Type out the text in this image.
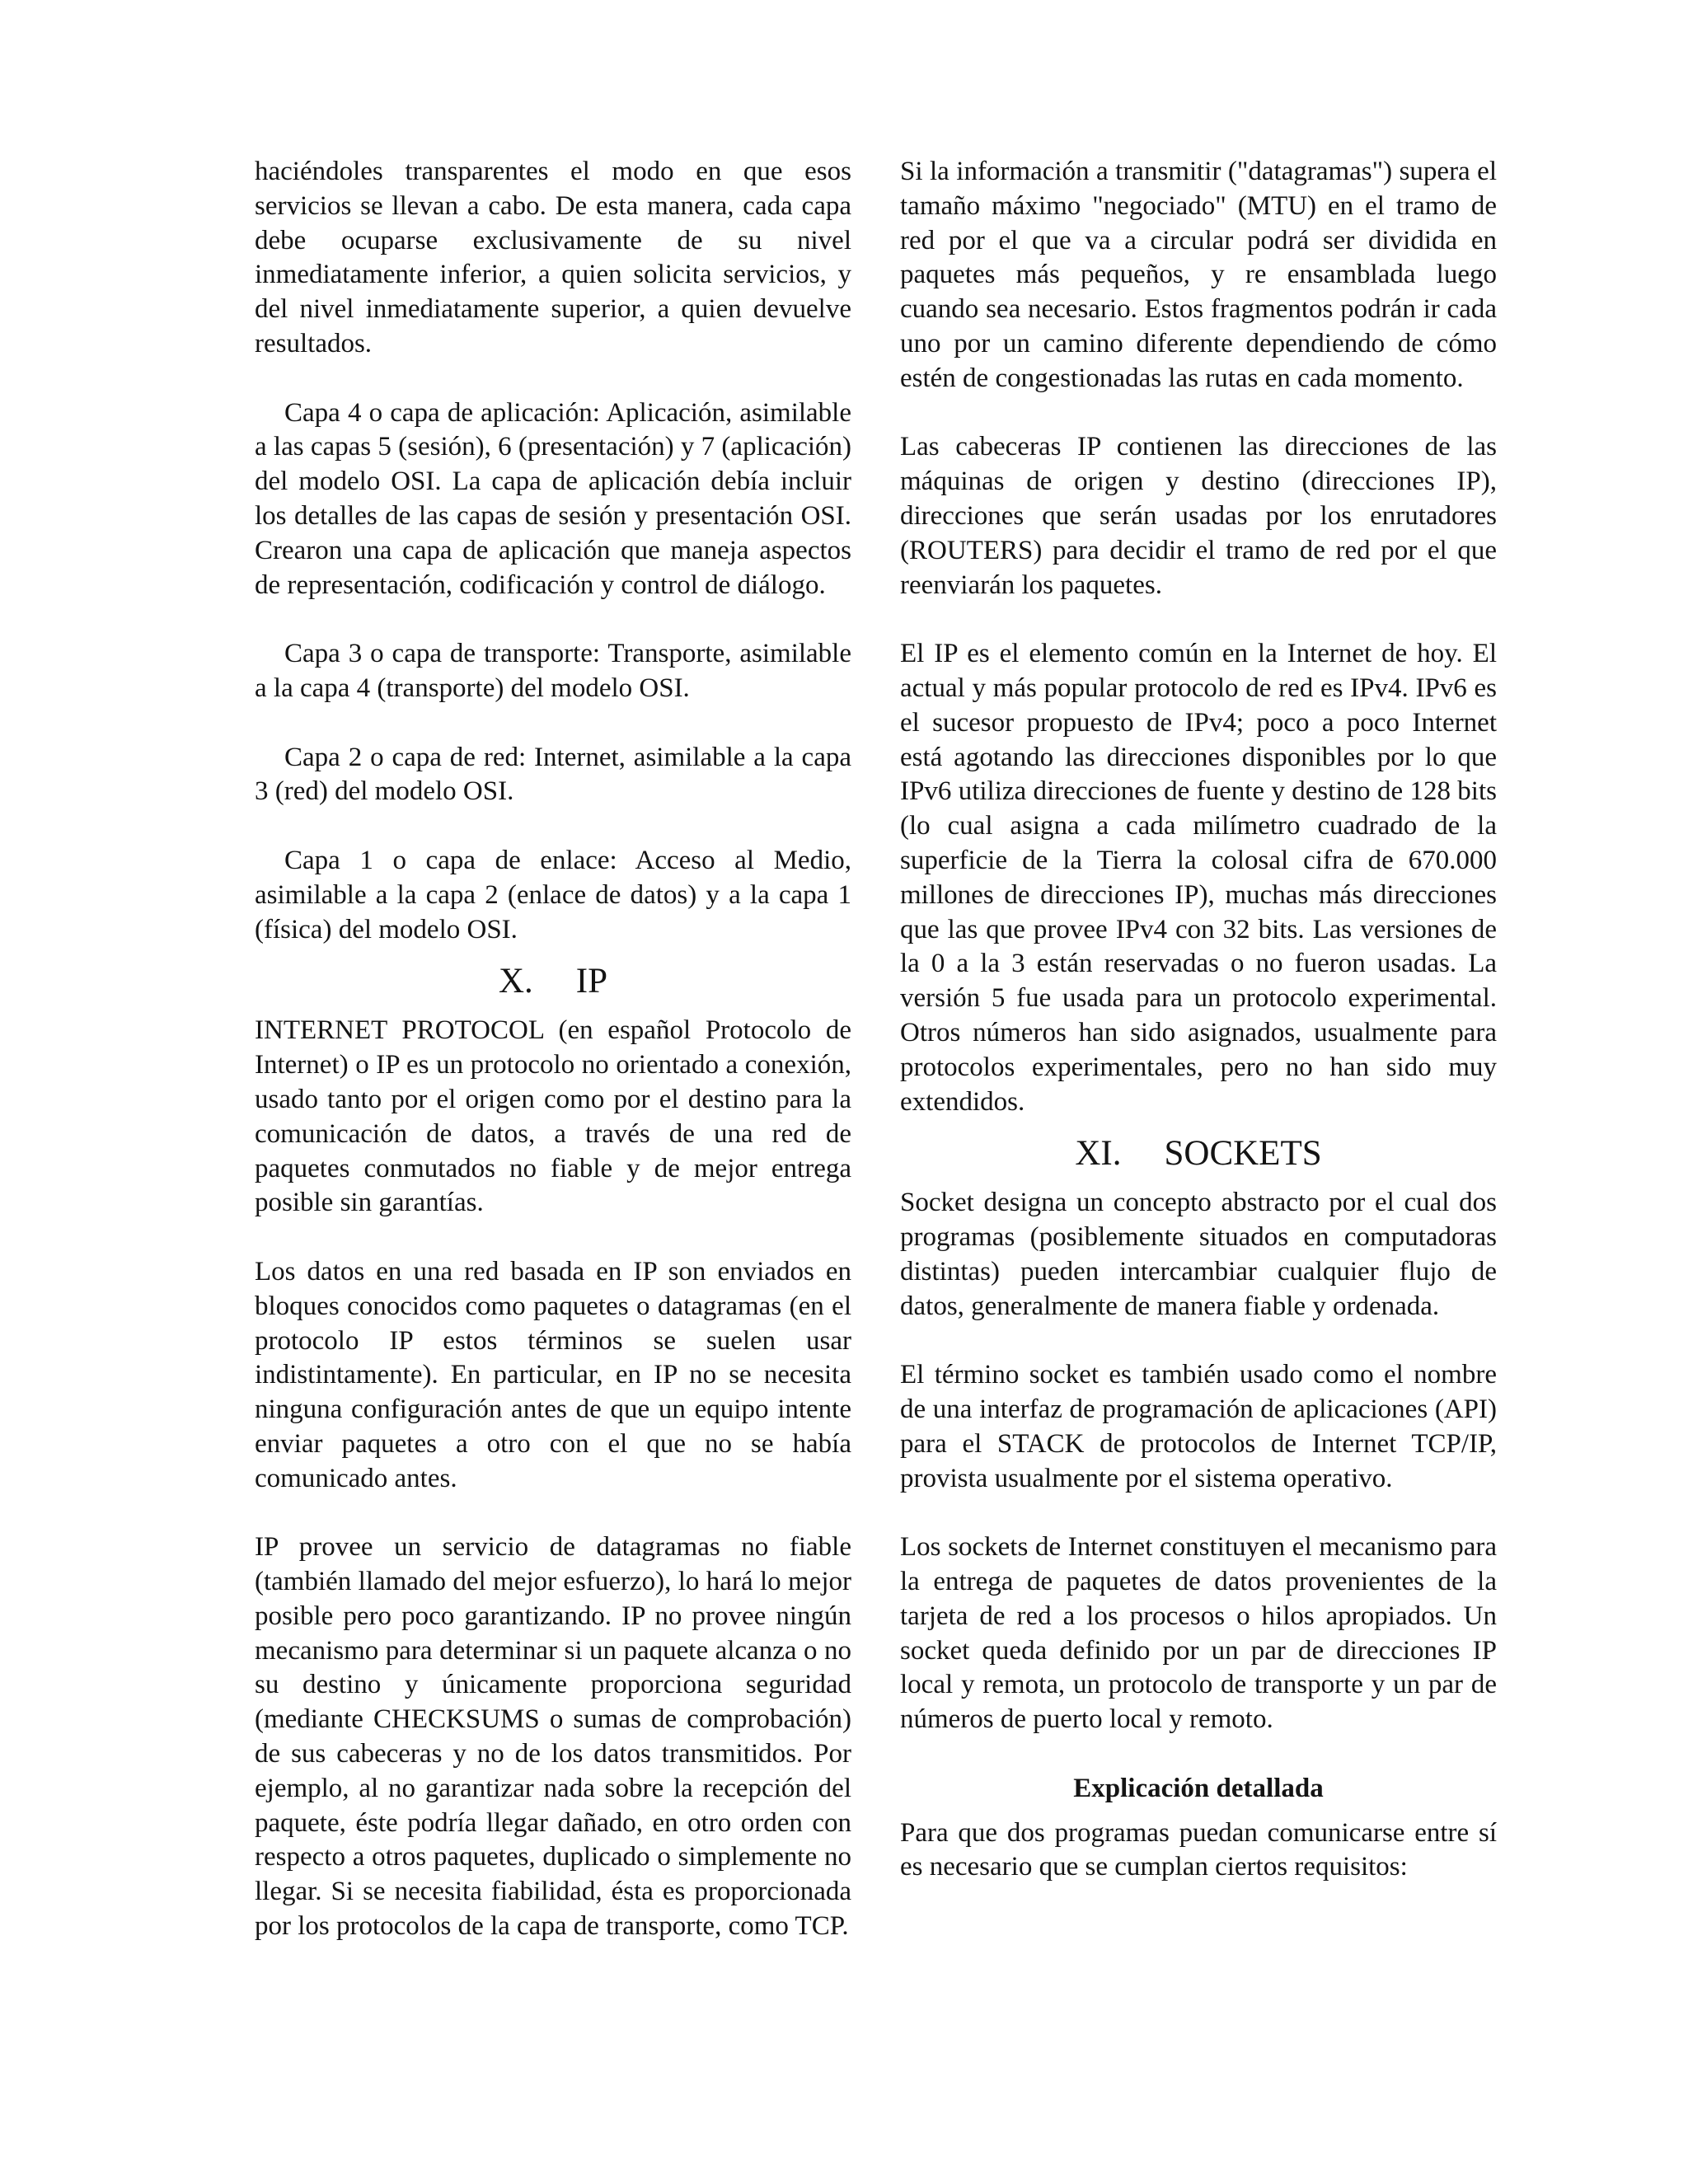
haciéndoles transparentes el modo en que esos servicios se llevan a cabo. De esta manera, cada capa debe ocuparse exclusivamente de su nivel inmediatamente inferior, a quien solicita servicios, y del nivel inmediatamente superior, a quien devuelve resultados.

Capa 4 o capa de aplicación: Aplicación, asimilable a las capas 5 (sesión), 6 (presentación) y 7 (aplicación) del modelo OSI. La capa de aplicación debía incluir los detalles de las capas de sesión y presentación OSI. Crearon una capa de aplicación que maneja aspectos de representación, codificación y control de diálogo.

Capa 3 o capa de transporte: Transporte, asimilable a la capa 4 (transporte) del modelo OSI.

Capa 2 o capa de red: Internet, asimilable a la capa 3 (red) del modelo OSI.

Capa 1 o capa de enlace: Acceso al Medio, asimilable a la capa 2 (enlace de datos) y a la capa 1 (física) del modelo OSI.

X. IP

INTERNET PROTOCOL (en español Protocolo de Internet) o IP es un protocolo no orientado a conexión, usado tanto por el origen como por el destino para la comunicación de datos, a través de una red de paquetes conmutados no fiable y de mejor entrega posible sin garantías.

Los datos en una red basada en IP son enviados en bloques conocidos como paquetes o datagramas (en el protocolo IP estos términos se suelen usar indistintamente). En particular, en IP no se necesita ninguna configuración antes de que un equipo intente enviar paquetes a otro con el que no se había comunicado antes.

IP provee un servicio de datagramas no fiable (también llamado del mejor esfuerzo), lo hará lo mejor posible pero poco garantizando. IP no provee ningún mecanismo para determinar si un paquete alcanza o no su destino y únicamente proporciona seguridad (mediante CHECKSUMS o sumas de comprobación) de sus cabeceras y no de los datos transmitidos. Por ejemplo, al no garantizar nada sobre la recepción del paquete, éste podría llegar dañado, en otro orden con respecto a otros paquetes, duplicado o simplemente no llegar. Si se necesita fiabilidad, ésta es proporcionada por los protocolos de la capa de transporte, como TCP.

Si la información a transmitir ("datagramas") supera el tamaño máximo "negociado" (MTU) en el tramo de red por el que va a circular podrá ser dividida en paquetes más pequeños, y re ensamblada luego cuando sea necesario. Estos fragmentos podrán ir cada uno por un camino diferente dependiendo de cómo estén de congestionadas las rutas en cada momento.

Las cabeceras IP contienen las direcciones de las máquinas de origen y destino (direcciones IP), direcciones que serán usadas por los enrutadores (ROUTERS) para decidir el tramo de red por el que reenviarán los paquetes.

El IP es el elemento común en la Internet de hoy. El actual y más popular protocolo de red es IPv4. IPv6 es el sucesor propuesto de IPv4; poco a poco Internet está agotando las direcciones disponibles por lo que IPv6 utiliza direcciones de fuente y destino de 128 bits (lo cual asigna a cada milímetro cuadrado de la superficie de la Tierra la colosal cifra de 670.000 millones de direcciones IP), muchas más direcciones que las que provee IPv4 con 32 bits. Las versiones de la 0 a la 3 están reservadas o no fueron usadas. La versión 5 fue usada para un protocolo experimental. Otros números han sido asignados, usualmente para protocolos experimentales, pero no han sido muy extendidos.

XI. SOCKETS

Socket designa un concepto abstracto por el cual dos programas (posiblemente situados en computadoras distintas) pueden intercambiar cualquier flujo de datos, generalmente de manera fiable y ordenada.

El término socket es también usado como el nombre de una interfaz de programación de aplicaciones (API) para el STACK de protocolos de Internet TCP/IP, provista usualmente por el sistema operativo.

Los sockets de Internet constituyen el mecanismo para la entrega de paquetes de datos provenientes de la tarjeta de red a los procesos o hilos apropiados. Un socket queda definido por un par de direcciones IP local y remota, un protocolo de transporte y un par de números de puerto local y remoto.

Explicación detallada

Para que dos programas puedan comunicarse entre sí es necesario que se cumplan ciertos requisitos:
